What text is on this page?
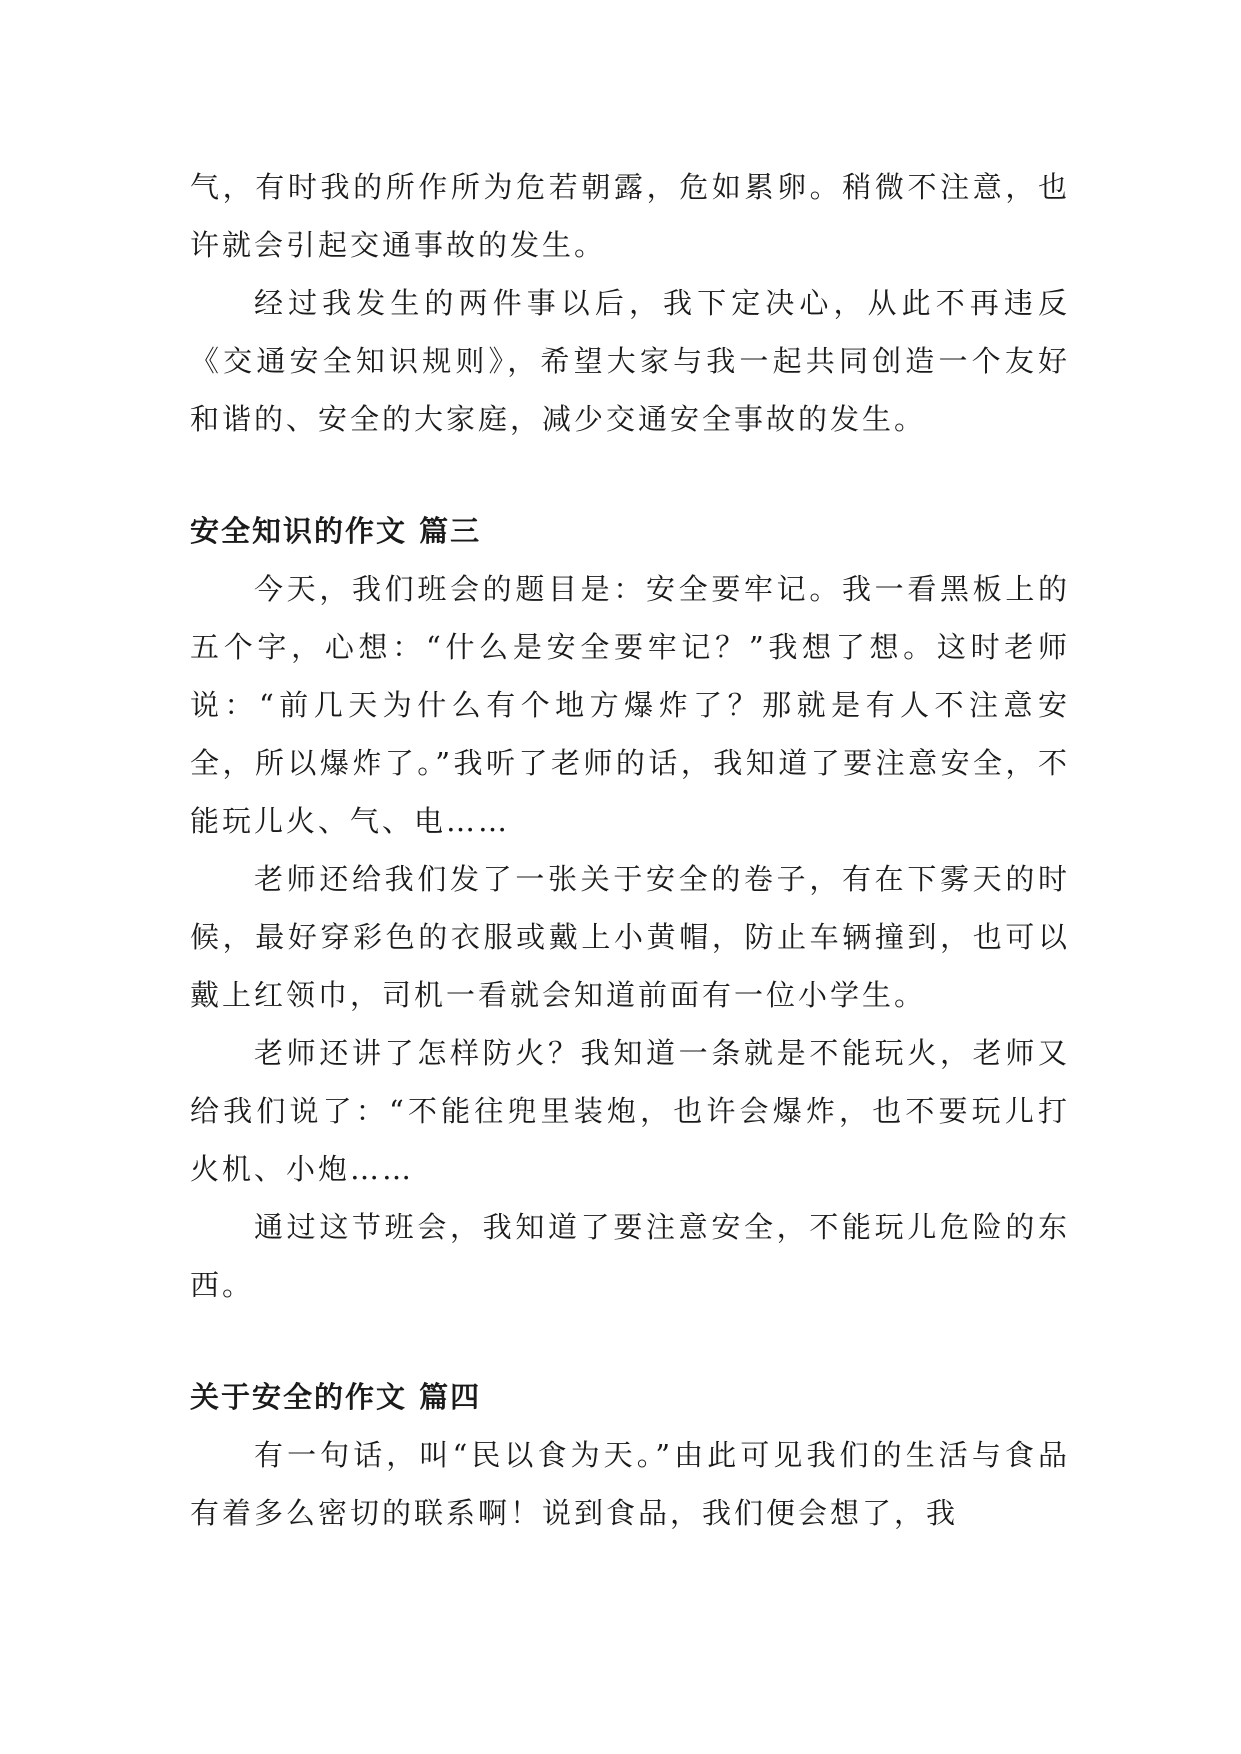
气，有时我的所作所为危若朝露，危如累卵。稍微不注意，也许就会引起交通事故的发生。

经过我发生的两件事以后，我下定决心，从此不再违反《交通安全知识规则》，希望大家与我一起共同创造一个友好和谐的、安全的大家庭，减少交通安全事故的发生。

安全知识的作文 篇三

今天，我们班会的题目是：安全要牢记。我一看黑板上的五个字，心想：“什么是安全要牢记？”我想了想。这时老师说：“前几天为什么有个地方爆炸了？那就是有人不注意安全，所以爆炸了。”我听了老师的话，我知道了要注意安全，不能玩儿火、气、电……

老师还给我们发了一张关于安全的卷子，有在下雾天的时候，最好穿彩色的衣服或戴上小黄帽，防止车辆撞到，也可以戴上红领巾，司机一看就会知道前面有一位小学生。

老师还讲了怎样防火？我知道一条就是不能玩火，老师又给我们说了：“不能往兜里装炮，也许会爆炸，也不要玩儿打火机、小炮……

通过这节班会，我知道了要注意安全，不能玩儿危险的东西。

关于安全的作文 篇四

有一句话，叫“民以食为天。”由此可见我们的生活与食品有着多么密切的联系啊！说到食品，我们便会想了，我
